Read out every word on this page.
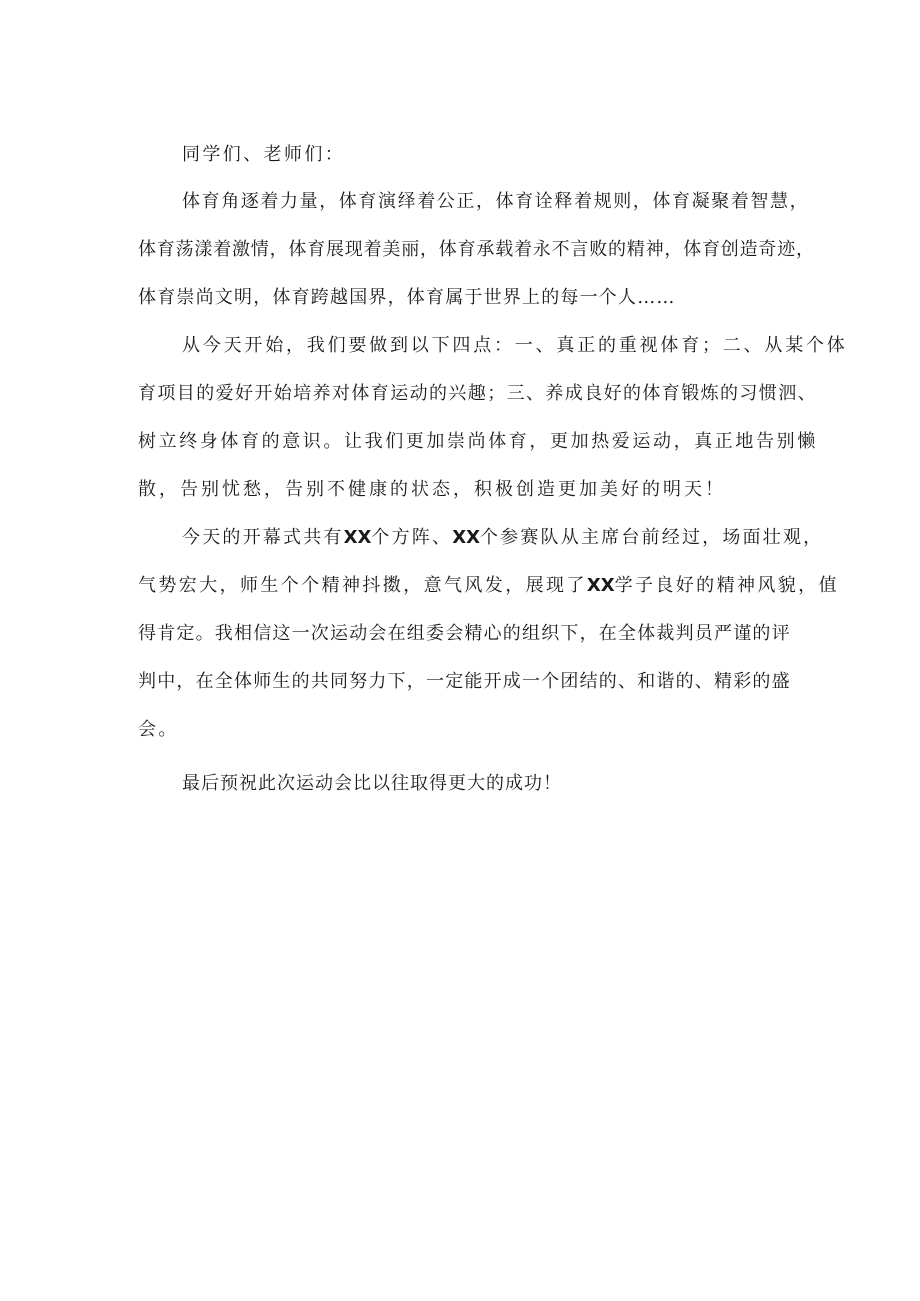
同学们、老师们：
体育角逐着力量，体育演绎着公正，体育诠释着规则，体育凝聚着智慧，
体育荡漾着激情，体育展现着美丽，体育承载着永不言败的精神，体育创造奇迹，
体育崇尚文明，体育跨越国界，体育属于世界上的每一个人……
从今天开始，我们要做到以下四点：一、真正的重视体育；二、从某个体
育项目的爱好开始培养对体育运动的兴趣；三、养成良好的体育锻炼的习惯泗、
树立终身体育的意识。让我们更加崇尚体育，更加热爱运动，真正地告别懒
散，告别忧愁，告别不健康的状态，积极创造更加美好的明天！
今天的开幕式共有XX个方阵、XX个参赛队从主席台前经过，场面壮观，
气势宏大，师生个个精神抖擞，意气风发，展现了XX学子良好的精神风貌，值
得肯定。我相信这一次运动会在组委会精心的组织下，在全体裁判员严谨的评
判中，在全体师生的共同努力下，一定能开成一个团结的、和谐的、精彩的盛
会。
最后预祝此次运动会比以往取得更大的成功！
